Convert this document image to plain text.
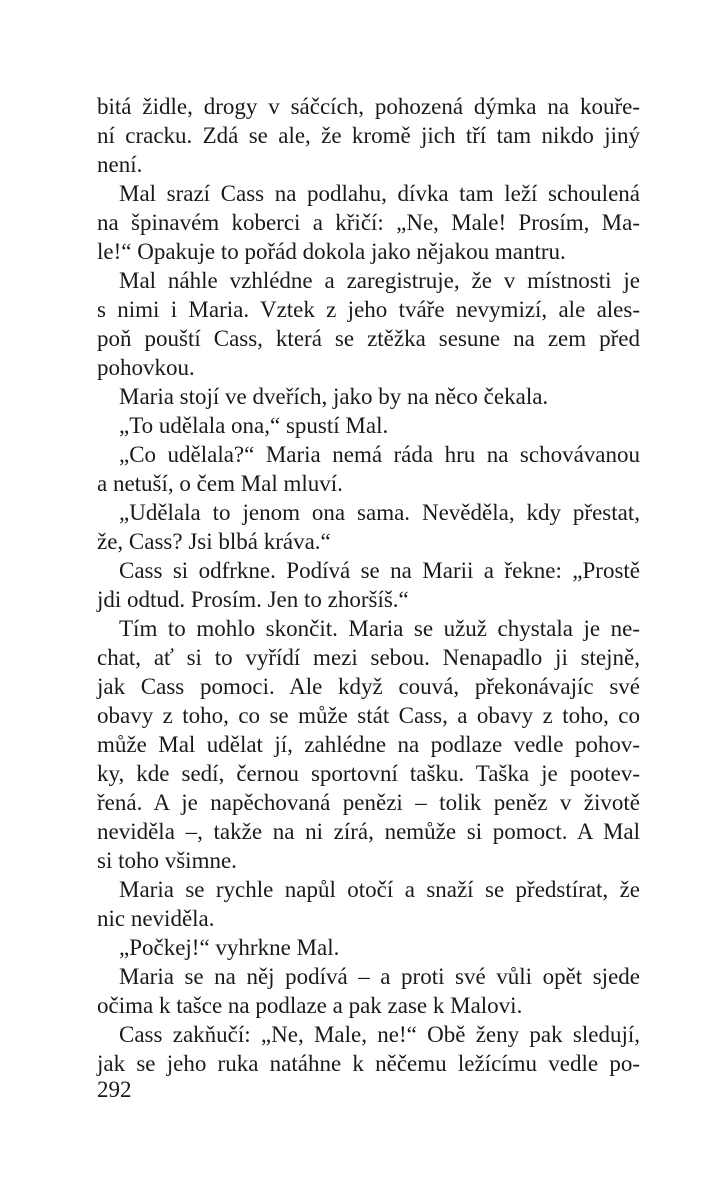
bitá židle, drogy v sáčcích, pohozená dýmka na kouře-
ní cracku. Zdá se ale, že kromě jich tří tam nikdo jiný
není.
Mal srazí Cass na podlahu, dívka tam leží schoulená
na špinavém koberci a křičí: „Ne, Male! Prosím, Ma-
le!“ Opakuje to pořád dokola jako nějakou mantru.
Mal náhle vzhlédne a zaregistruje, že v místnosti je
s nimi i Maria. Vztek z jeho tváře nevymizí, ale ales-
poň pouští Cass, která se ztěžka sesune na zem před
pohovkou.
Maria stojí ve dveřích, jako by na něco čekala.
„To udělala ona,“ spustí Mal.
„Co udělala?“ Maria nemá ráda hru na schovávanou
a netuší, o čem Mal mluví.
„Udělala to jenom ona sama. Nevěděla, kdy přestat,
že, Cass? Jsi blbá kráva.“
Cass si odfrkne. Podívá se na Marii a řekne: „Prostě
jdi odtud. Prosím. Jen to zhoršíš.“
Tím to mohlo skončit. Maria se užuž chystala je ne-
chat, ať si to vyřídí mezi sebou. Nenapadlo ji stejně,
jak Cass pomoci. Ale když couvá, překonávajíc své
obavy z toho, co se může stát Cass, a obavy z toho, co
může Mal udělat jí, zahlédne na podlaze vedle pohov-
ky, kde sedí, černou sportovní tašku. Taška je pootev-
řená. A je napěchovaná penězi – tolik peněz v životě
neviděla –, takže na ni zírá, nemůže si pomoct. A Mal
si toho všimne.
Maria se rychle napůl otočí a snaží se předstírat, že
nic neviděla.
„Počkej!“ vyhrkne Mal.
Maria se na něj podívá – a proti své vůli opět sjede
očima k tašce na podlaze a pak zase k Malovi.
Cass zakňučí: „Ne, Male, ne!“ Obě ženy pak sledují,
jak se jeho ruka natáhne k něčemu ležícímu vedle po-
292
